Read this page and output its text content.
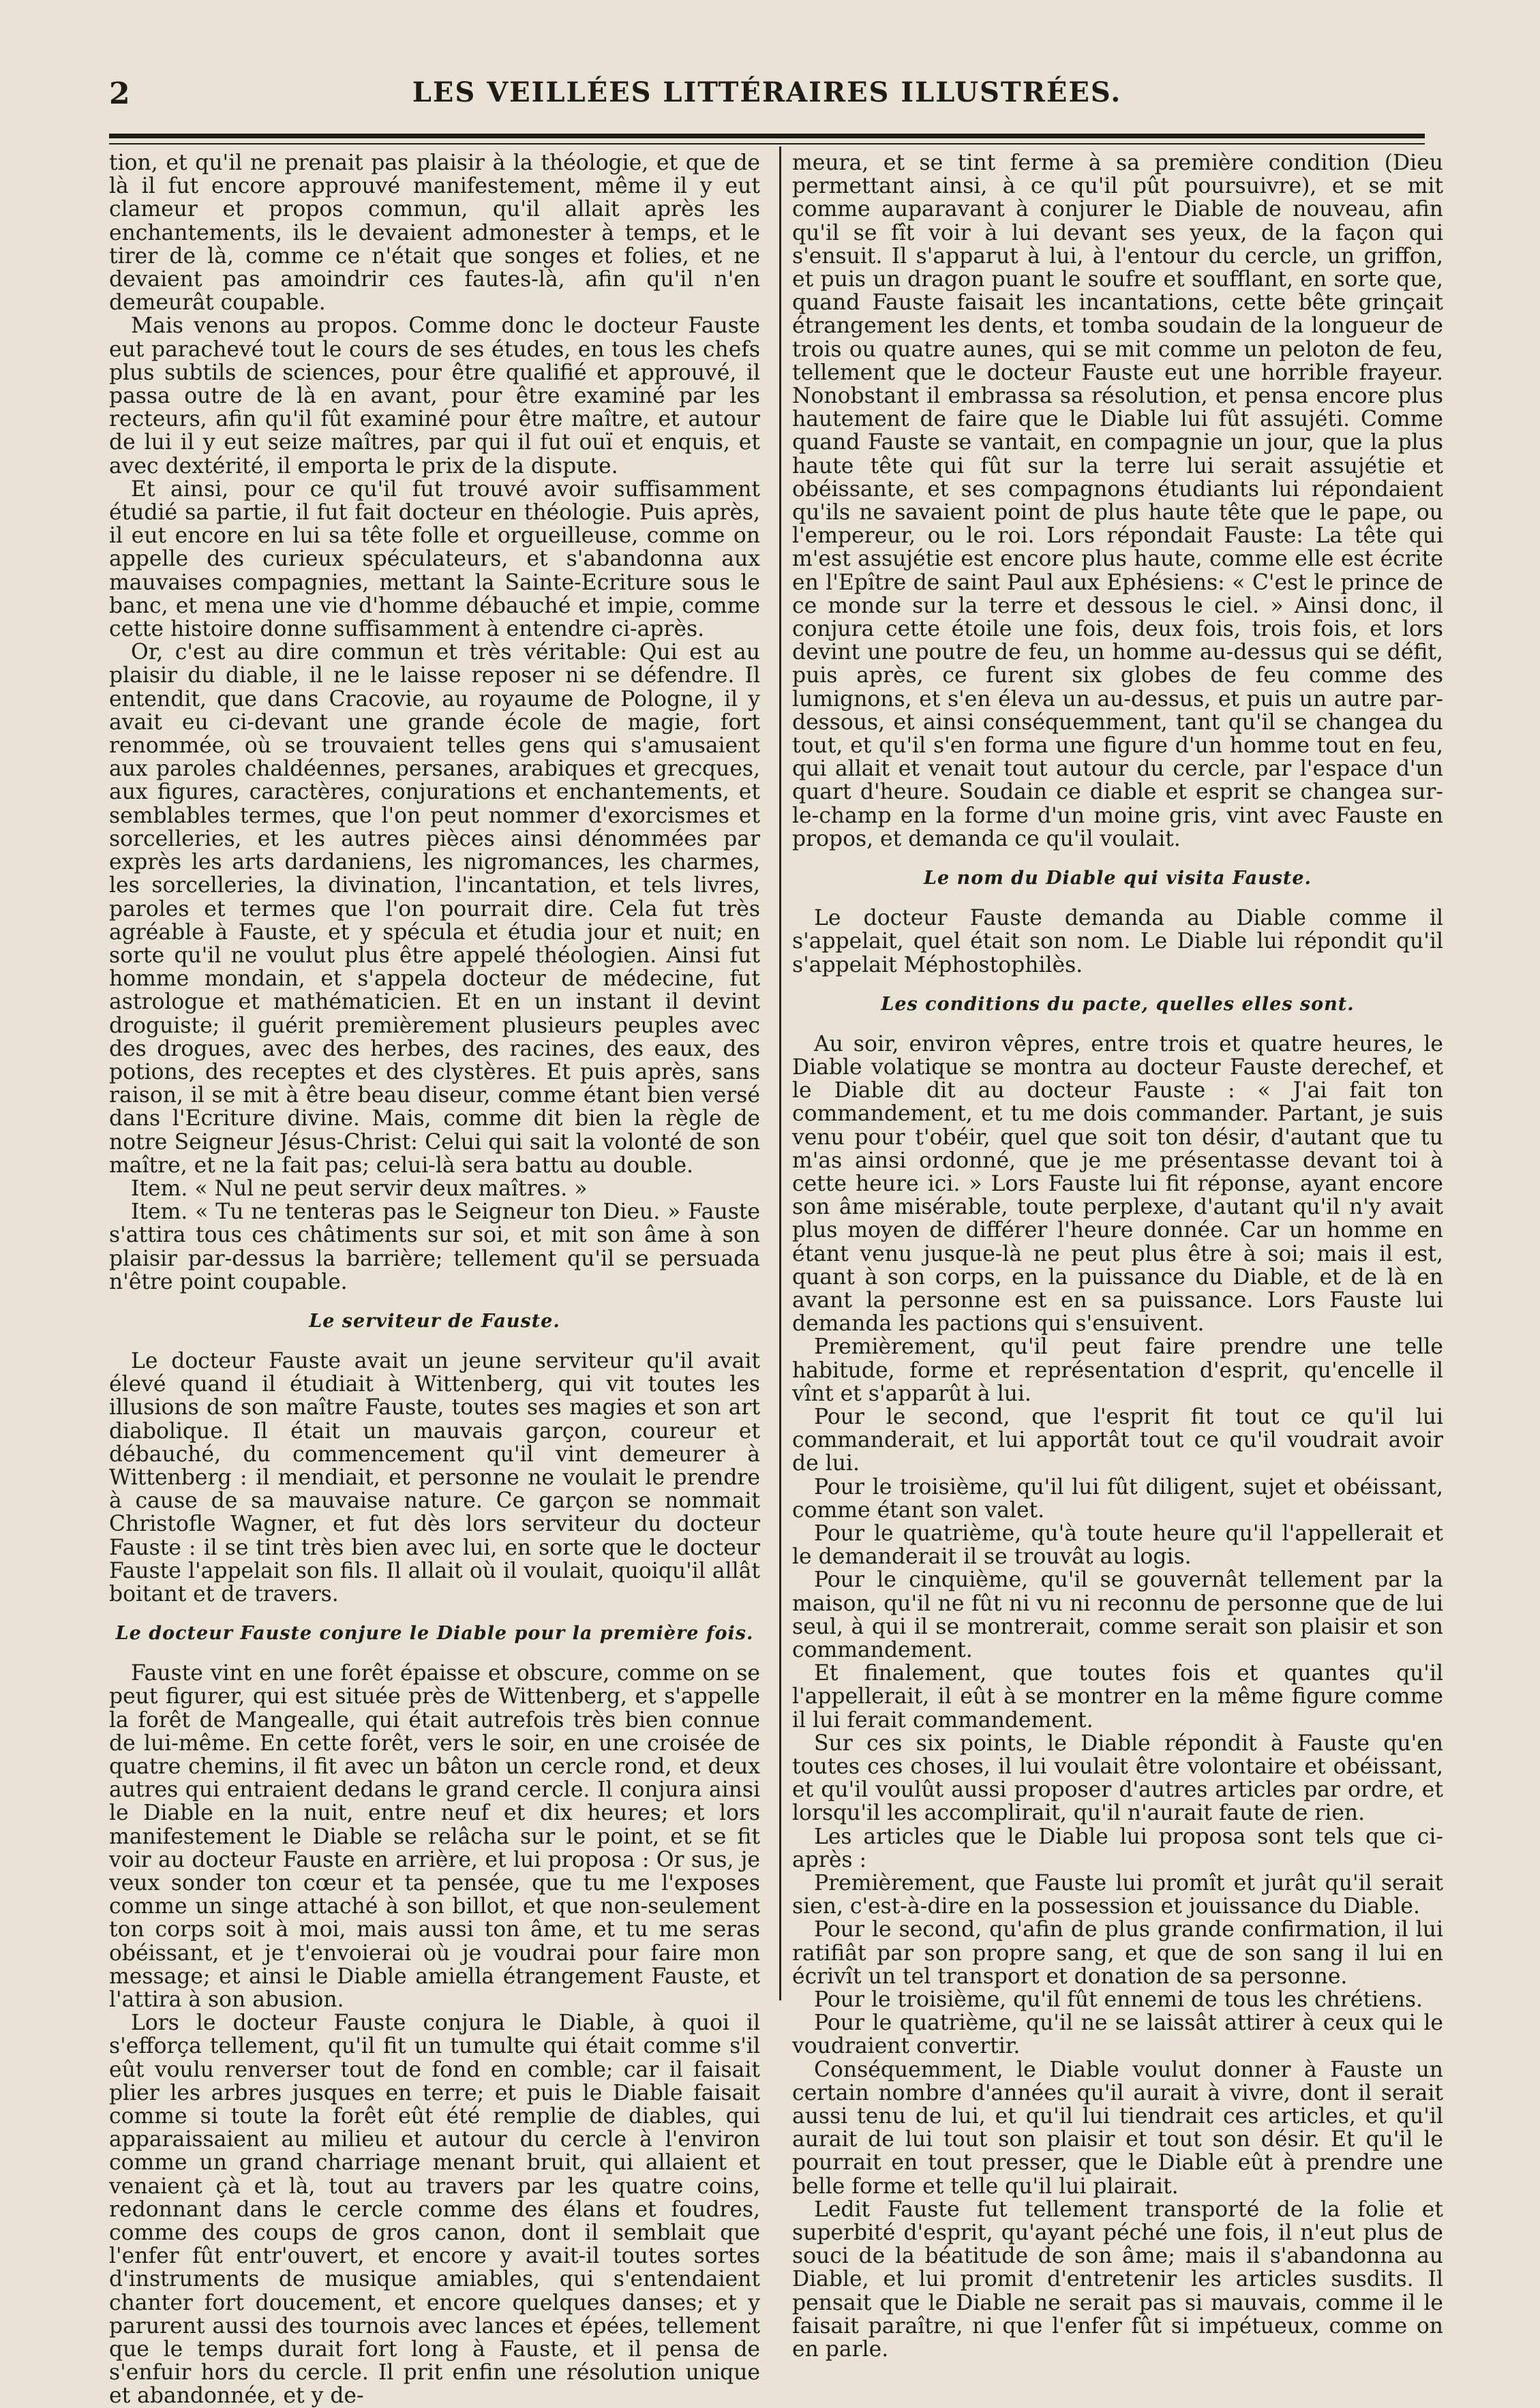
2	LES VEILLÉES LITTÉRAIRES ILLUSTRÉES.

tion, et qu'il ne prenait pas plaisir à la théologie, et que de là il fut encore approuvé manifestement, même il y eut clameur et propos commun, qu'il allait après les enchantements, ils le devaient admonester à temps, et le tirer de là, comme ce n'était que songes et folies, et ne devaient pas amoindrir ces fautes-là, afin qu'il n'en demeurât coupable.

Mais venons au propos. Comme donc le docteur Fauste eut parachevé tout le cours de ses études, en tous les chefs plus subtils de sciences, pour être qualifié et approuvé, il passa outre de là en avant, pour être examiné par les recteurs, afin qu'il fût examiné pour être maître, et autour de lui il y eut seize maîtres, par qui il fut ouï et enquis, et avec dextérité, il emporta le prix de la dispute.

Et ainsi, pour ce qu'il fut trouvé avoir suffisamment étudié sa partie, il fut fait docteur en théologie. Puis après, il eut encore en lui sa tête folle et orgueilleuse, comme on appelle des curieux spéculateurs, et s'abandonna aux mauvaises compagnies, mettant la Sainte-Ecriture sous le banc, et mena une vie d'homme débauché et impie, comme cette histoire donne suffisamment à entendre ci-après.

Or, c'est au dire commun et très véritable: Qui est au plaisir du diable, il ne le laisse reposer ni se défendre. Il entendit, que dans Cracovie, au royaume de Pologne, il y avait eu ci-devant une grande école de magie, fort renommée, où se trouvaient telles gens qui s'amusaient aux paroles chaldéennes, persanes, arabiques et grecques, aux figures, caractères, conjurations et enchantements, et semblables termes, que l'on peut nommer d'exorcismes et sorcelleries, et les autres pièces ainsi dénommées par exprès les arts dardaniens, les nigromances, les charmes, les sorcelleries, la divination, l'incantation, et tels livres, paroles et termes que l'on pourrait dire. Cela fut très agréable à Fauste, et y spécula et étudia jour et nuit; en sorte qu'il ne voulut plus être appelé théologien. Ainsi fut homme mondain, et s'appela docteur de médecine, fut astrologue et mathématicien. Et en un instant il devint droguiste; il guérit premièrement plusieurs peuples avec des drogues, avec des herbes, des racines, des eaux, des potions, des receptes et des clystères. Et puis après, sans raison, il se mit à être beau diseur, comme étant bien versé dans l'Ecriture divine. Mais, comme dit bien la règle de notre Seigneur Jésus-Christ: Celui qui sait la volonté de son maître, et ne la fait pas; celui-là sera battu au double.

Item. « Nul ne peut servir deux maîtres. »

Item. « Tu ne tenteras pas le Seigneur ton Dieu. » Fauste s'attira tous ces châtiments sur soi, et mit son âme à son plaisir par-dessus la barrière; tellement qu'il se persuada n'être point coupable.

Le serviteur de Fauste.

Le docteur Fauste avait un jeune serviteur qu'il avait élevé quand il étudiait à Wittenberg, qui vit toutes les illusions de son maître Fauste, toutes ses magies et son art diabolique. Il était un mauvais garçon, coureur et débauché, du commencement qu'il vint demeurer à Wittenberg : il mendiait, et personne ne voulait le prendre à cause de sa mauvaise nature. Ce garçon se nommait Christofle Wagner, et fut dès lors serviteur du docteur Fauste : il se tint très bien avec lui, en sorte que le docteur Fauste l'appelait son fils. Il allait où il voulait, quoiqu'il allât boitant et de travers.

Le docteur Fauste conjure le Diable pour la première fois.

Fauste vint en une forêt épaisse et obscure, comme on se peut figurer, qui est située près de Wittenberg, et s'appelle la forêt de Mangealle, qui était autrefois très bien connue de lui-même. En cette forêt, vers le soir, en une croisée de quatre chemins, il fit avec un bâton un cercle rond, et deux autres qui entraient dedans le grand cercle. Il conjura ainsi le Diable en la nuit, entre neuf et dix heures; et lors manifestement le Diable se relâcha sur le point, et se fit voir au docteur Fauste en arrière, et lui proposa : Or sus, je veux sonder ton cœur et ta pensée, que tu me l'exposes comme un singe attaché à son billot, et que non-seulement ton corps soit à moi, mais aussi ton âme, et tu me seras obéissant, et je t'envoierai où je voudrai pour faire mon message; et ainsi le Diable amiella étrangement Fauste, et l'attira à son abusion.

Lors le docteur Fauste conjura le Diable, à quoi il s'efforça tellement, qu'il fit un tumulte qui était comme s'il eût voulu renverser tout de fond en comble; car il faisait plier les arbres jusques en terre; et puis le Diable faisait comme si toute la forêt eût été remplie de diables, qui apparaissaient au milieu et autour du cercle à l'environ comme un grand charriage menant bruit, qui allaient et venaient çà et là, tout au travers par les quatre coins, redonnant dans le cercle comme des élans et foudres, comme des coups de gros canon, dont il semblait que l'enfer fût entr'ouvert, et encore y avait-il toutes sortes d'instruments de musique amiables, qui s'entendaient chanter fort doucement, et encore quelques danses; et y parurent aussi des tournois avec lances et épées, tellement que le temps durait fort long à Fauste, et il pensa de s'enfuir hors du cercle. Il prit enfin une résolution unique et abandonnée, et y de-

meura, et se tint ferme à sa première condition (Dieu permettant ainsi, à ce qu'il pût poursuivre), et se mit comme auparavant à conjurer le Diable de nouveau, afin qu'il se fît voir à lui devant ses yeux, de la façon qui s'ensuit. Il s'apparut à lui, à l'entour du cercle, un griffon, et puis un dragon puant le soufre et soufflant, en sorte que, quand Fauste faisait les incantations, cette bête grinçait étrangement les dents, et tomba soudain de la longueur de trois ou quatre aunes, qui se mit comme un peloton de feu, tellement que le docteur Fauste eut une horrible frayeur. Nonobstant il embrassa sa résolution, et pensa encore plus hautement de faire que le Diable lui fût assujéti. Comme quand Fauste se vantait, en compagnie un jour, que la plus haute tête qui fût sur la terre lui serait assujétie et obéissante, et ses compagnons étudiants lui répondaient qu'ils ne savaient point de plus haute tête que le pape, ou l'empereur, ou le roi. Lors répondait Fauste: La tête qui m'est assujétie est encore plus haute, comme elle est écrite en l'Epître de saint Paul aux Ephésiens: « C'est le prince de ce monde sur la terre et dessous le ciel. » Ainsi donc, il conjura cette étoile une fois, deux fois, trois fois, et lors devint une poutre de feu, un homme au-dessus qui se défit, puis après, ce furent six globes de feu comme des lumignons, et s'en éleva un au-dessus, et puis un autre par-dessous, et ainsi conséquemment, tant qu'il se changea du tout, et qu'il s'en forma une figure d'un homme tout en feu, qui allait et venait tout autour du cercle, par l'espace d'un quart d'heure. Soudain ce diable et esprit se changea sur-le-champ en la forme d'un moine gris, vint avec Fauste en propos, et demanda ce qu'il voulait.

Le nom du Diable qui visita Fauste.

Le docteur Fauste demanda au Diable comme il s'appelait, quel était son nom. Le Diable lui répondit qu'il s'appelait Méphostophilès.

Les conditions du pacte, quelles elles sont.

Au soir, environ vêpres, entre trois et quatre heures, le Diable volatique se montra au docteur Fauste derechef, et le Diable dit au docteur Fauste : « J'ai fait ton commandement, et tu me dois commander. Partant, je suis venu pour t'obéir, quel que soit ton désir, d'autant que tu m'as ainsi ordonné, que je me présentasse devant toi à cette heure ici. » Lors Fauste lui fit réponse, ayant encore son âme misérable, toute perplexe, d'autant qu'il n'y avait plus moyen de différer l'heure donnée. Car un homme en étant venu jusque-là ne peut plus être à soi; mais il est, quant à son corps, en la puissance du Diable, et de là en avant la personne est en sa puissance. Lors Fauste lui demanda les pactions qui s'ensuivent.

Premièrement, qu'il peut faire prendre une telle habitude, forme et représentation d'esprit, qu'encelle il vînt et s'apparût à lui.

Pour le second, que l'esprit fit tout ce qu'il lui commanderait, et lui apportât tout ce qu'il voudrait avoir de lui.

Pour le troisième, qu'il lui fût diligent, sujet et obéissant, comme étant son valet.

Pour le quatrième, qu'à toute heure qu'il l'appellerait et le demanderait il se trouvât au logis.

Pour le cinquième, qu'il se gouvernât tellement par la maison, qu'il ne fût ni vu ni reconnu de personne que de lui seul, à qui il se montrerait, comme serait son plaisir et son commandement.

Et finalement, que toutes fois et quantes qu'il l'appellerait, il eût à se montrer en la même figure comme il lui ferait commandement.

Sur ces six points, le Diable répondit à Fauste qu'en toutes ces choses, il lui voulait être volontaire et obéissant, et qu'il voulût aussi proposer d'autres articles par ordre, et lorsqu'il les accomplirait, qu'il n'aurait faute de rien.

Les articles que le Diable lui proposa sont tels que ci-après :

Premièrement, que Fauste lui promît et jurât qu'il serait sien, c'est-à-dire en la possession et jouissance du Diable.

Pour le second, qu'afin de plus grande confirmation, il lui ratifiât par son propre sang, et que de son sang il lui en écrivît un tel transport et donation de sa personne.

Pour le troisième, qu'il fût ennemi de tous les chrétiens.

Pour le quatrième, qu'il ne se laissât attirer à ceux qui le voudraient convertir.

Conséquemment, le Diable voulut donner à Fauste un certain nombre d'années qu'il aurait à vivre, dont il serait aussi tenu de lui, et qu'il lui tiendrait ces articles, et qu'il aurait de lui tout son plaisir et tout son désir. Et qu'il le pourrait en tout presser, que le Diable eût à prendre une belle forme et telle qu'il lui plairait.

Ledit Fauste fut tellement transporté de la folie et superbité d'esprit, qu'ayant péché une fois, il n'eut plus de souci de la béatitude de son âme; mais il s'abandonna au Diable, et lui promit d'entretenir les articles susdits. Il pensait que le Diable ne serait pas si mauvais, comme il le faisait paraître, ni que l'enfer fût si impétueux, comme on en parle.
